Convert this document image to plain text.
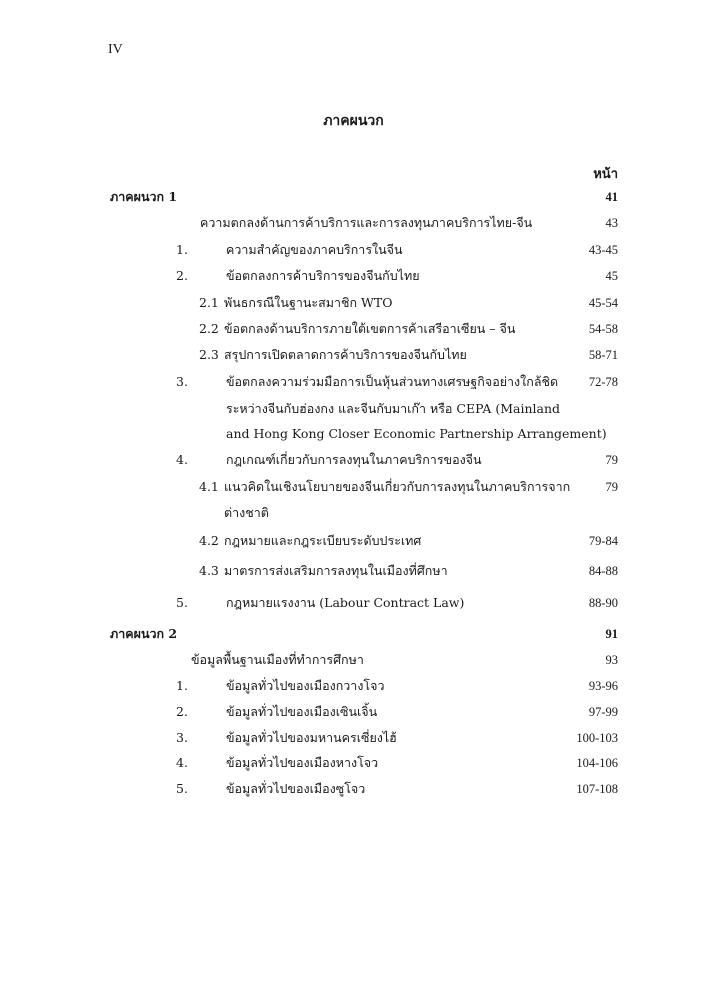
IV
ภาคผนวก
หน้า
ภาคผนวก 1	41
ความตกลงด้านการค้าบริการและการลงทุนภาคบริการไทย-จีน	43
1.	ความสำคัญของภาคบริการในจีน	43-45
2.	ข้อตกลงการค้าบริการของจีนกับไทย	45
2.1 พันธกรณีในฐานะสมาชิก WTO	45-54
2.2 ข้อตกลงด้านบริการภายใต้เขตการค้าเสรีอาเซียน – จีน	54-58
2.3 สรุปการเปิดตลาดการค้าบริการของจีนกับไทย	58-71
3.	ข้อตกลงความร่วมมือการเป็นหุ้นส่วนทางเศรษฐกิจอย่างใกล้ชิด 72-78
ระหว่างจีนกับฮ่องกง และจีนกับมาเก๊า หรือ CEPA (Mainland
and Hong Kong Closer Economic Partnership Arrangement)
4.	กฎเกณฑ์เกี่ยวกับการลงทุนในภาคบริการของจีน	79
4.1 แนวคิดในเชิงนโยบายของจีนเกี่ยวกับการลงทุนในภาคบริการจาก	79
ต่างชาติ
4.2 กฎหมายและกฎระเบียบระดับประเทศ	79-84
4.3 มาตรการส่งเสริมการลงทุนในเมืองที่ศึกษา	84-88
5.	กฎหมายแรงงาน (Labour Contract Law)	88-90
ภาคผนวก 2	91
ข้อมูลพื้นฐานเมืองที่ทำการศึกษา	93
1.	ข้อมูลทั่วไปของเมืองกวางโจว	93-96
2.	ข้อมูลทั่วไปของเมืองเซินเจิ้น	97-99
3.	ข้อมูลทั่วไปของมหานครเซี่ยงไฮ้	100-103
4.	ข้อมูลทั่วไปของเมืองหางโจว	104-106
5.	ข้อมูลทั่วไปของเมืองซูโจว	107-108
